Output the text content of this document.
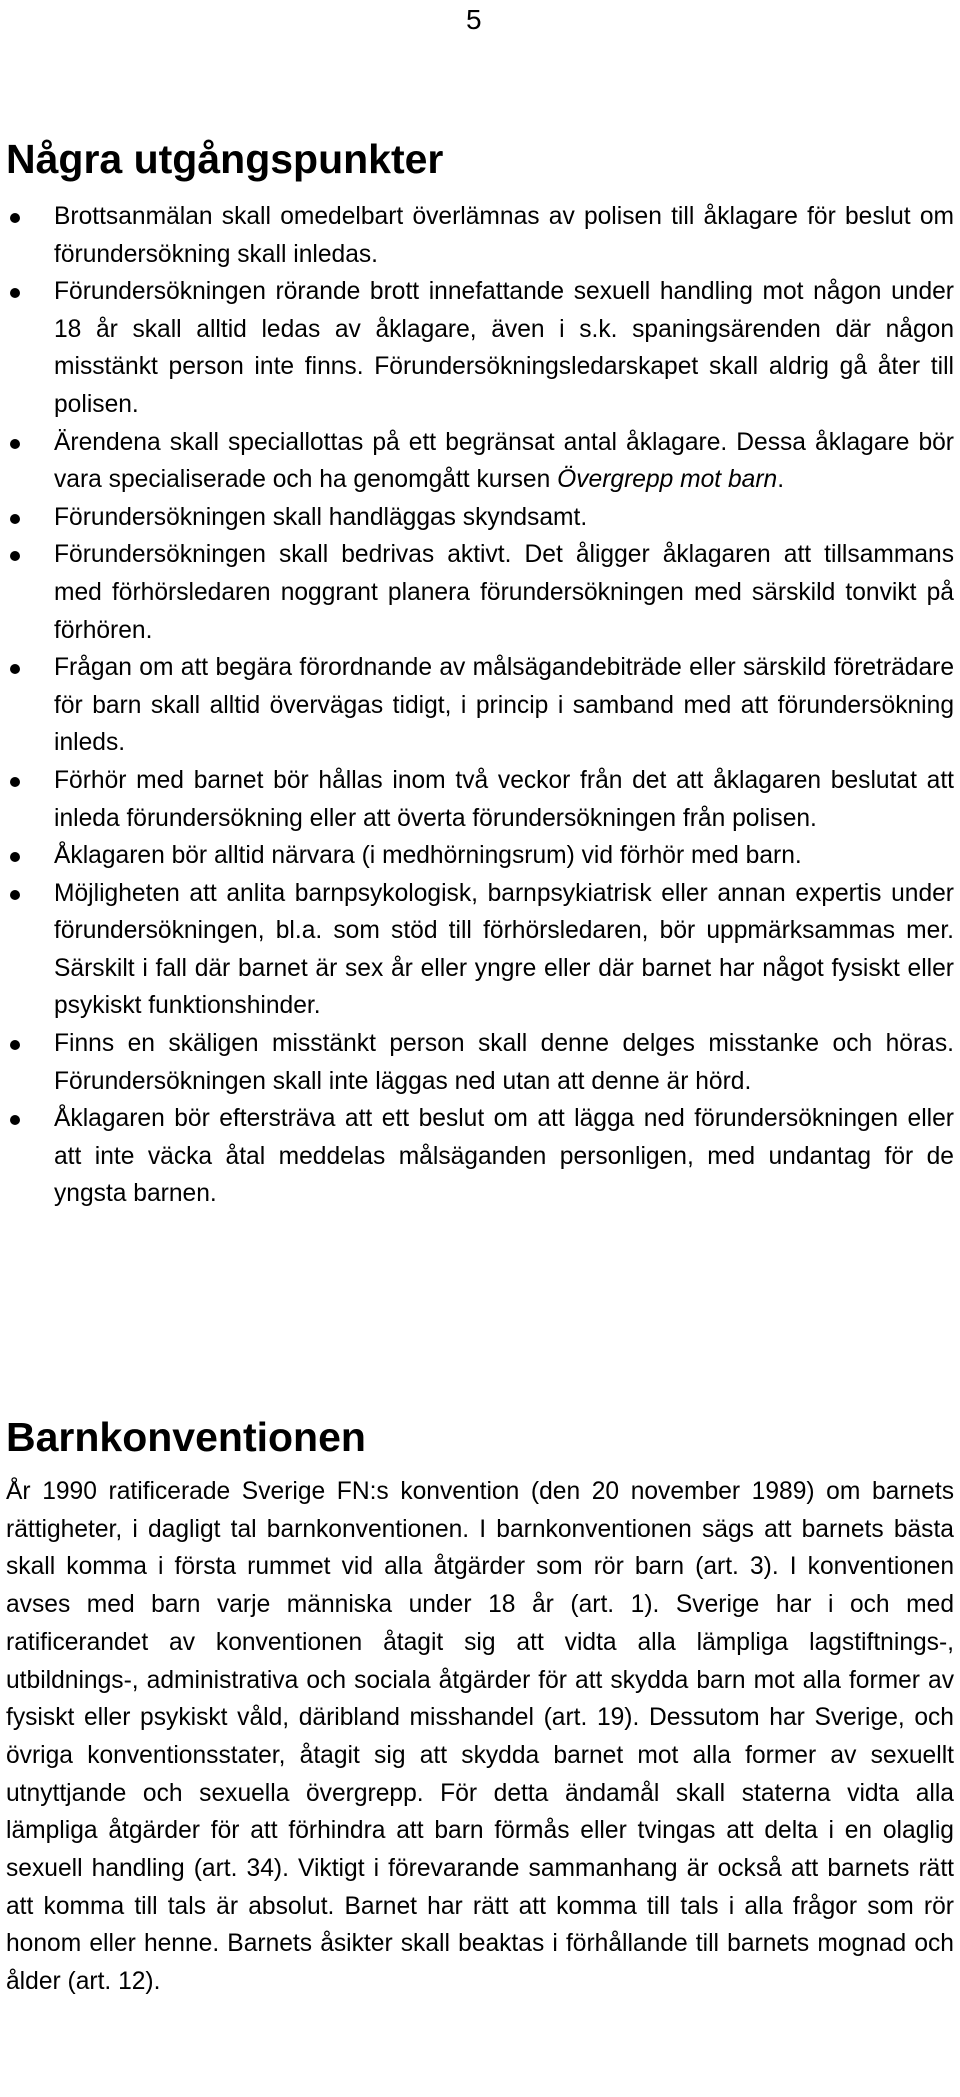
5
Några utgångspunkter
Brottsanmälan skall omedelbart överlämnas av polisen till åklagare för beslut om förundersökning skall inledas.
Förundersökningen rörande brott innefattande sexuell handling mot någon under 18 år skall alltid ledas av åklagare, även i s.k. spaningsärenden där någon misstänkt person inte finns. Förundersökningsledarskapet skall aldrig gå åter till polisen.
Ärendena skall speciallottas på ett begränsat antal åklagare. Dessa åklagare bör vara specialiserade och ha genomgått kursen Övergrepp mot barn.
Förundersökningen skall handläggas skyndsamt.
Förundersökningen skall bedrivas aktivt. Det åligger åklagaren att tillsammans med förhörsledaren noggrant planera förundersökningen med särskild tonvikt på förhören.
Frågan om att begära förordnande av målsägandebiträde eller särskild företrädare för barn skall alltid övervägas tidigt, i princip i samband med att förundersökning inleds.
Förhör med barnet bör hållas inom två veckor från det att åklagaren beslutat att inleda förundersökning eller att överta förundersökningen från polisen.
Åklagaren bör alltid närvara (i medhörningsrum) vid förhör med barn.
Möjligheten att anlita barnpsykologisk, barnpsykiatrisk eller annan expertis under förundersökningen, bl.a. som stöd till förhörsledaren, bör uppmärksammas mer. Särskilt i fall där barnet är sex år eller yngre eller där barnet har något fysiskt eller psykiskt funktionshinder.
Finns en skäligen misstänkt person skall denne delges misstanke och höras. Förundersökningen skall inte läggas ned utan att denne är hörd.
Åklagaren bör eftersträva att ett beslut om att lägga ned förundersökningen eller att inte väcka åtal meddelas målsäganden personligen, med undantag för de yngsta barnen.
Barnkonventionen

År 1990 ratificerade Sverige FN:s konvention (den 20 november 1989) om barnets rättigheter, i dagligt tal barnkonventionen. I barnkonventionen sägs att barnets bästa skall komma i första rummet vid alla åtgärder som rör barn (art. 3). I konventionen avses med barn varje människa under 18 år (art. 1). Sverige har i och med ratificerandet av konventionen åtagit sig att vidta alla lämpliga lagstiftnings-, utbildnings-, administrativa och sociala åtgärder för att skydda barn mot alla former av fysiskt eller psykiskt våld, däribland misshandel (art. 19). Dessutom har Sverige, och övriga konventionsstater, åtagit sig att skydda barnet mot alla former av sexuellt utnyttjande och sexuella övergrepp. För detta ändamål skall staterna vidta alla lämpliga åtgärder för att förhindra att barn förmås eller tvingas att delta i en olaglig sexuell handling (art. 34). Viktigt i förevarande sammanhang är också att barnets rätt att komma till tals är absolut. Barnet har rätt att komma till tals i alla frågor som rör honom eller henne. Barnets åsikter skall beaktas i förhållande till barnets mognad och ålder (art. 12).
